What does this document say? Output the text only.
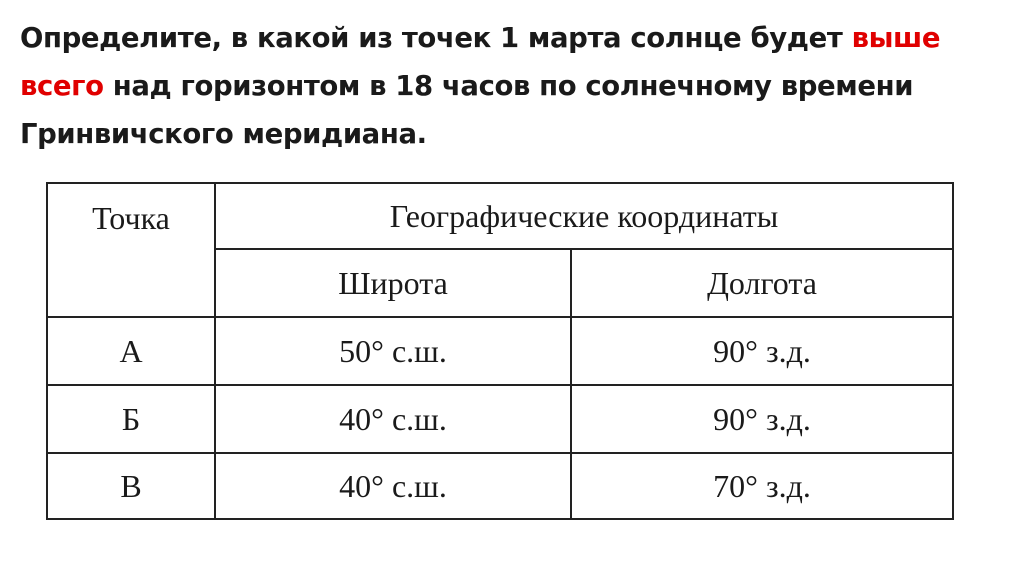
Определите, в какой из точек 1 марта солнце будет выше всего над горизонтом в 18 часов по солнечному времени Гринвичского меридиана.

Точка	Географические координаты	
	Широта	Долгота
А	50° с.ш.	90° з.д.
Б	40° с.ш.	90° з.д.
В	40° с.ш.	70° з.д.
